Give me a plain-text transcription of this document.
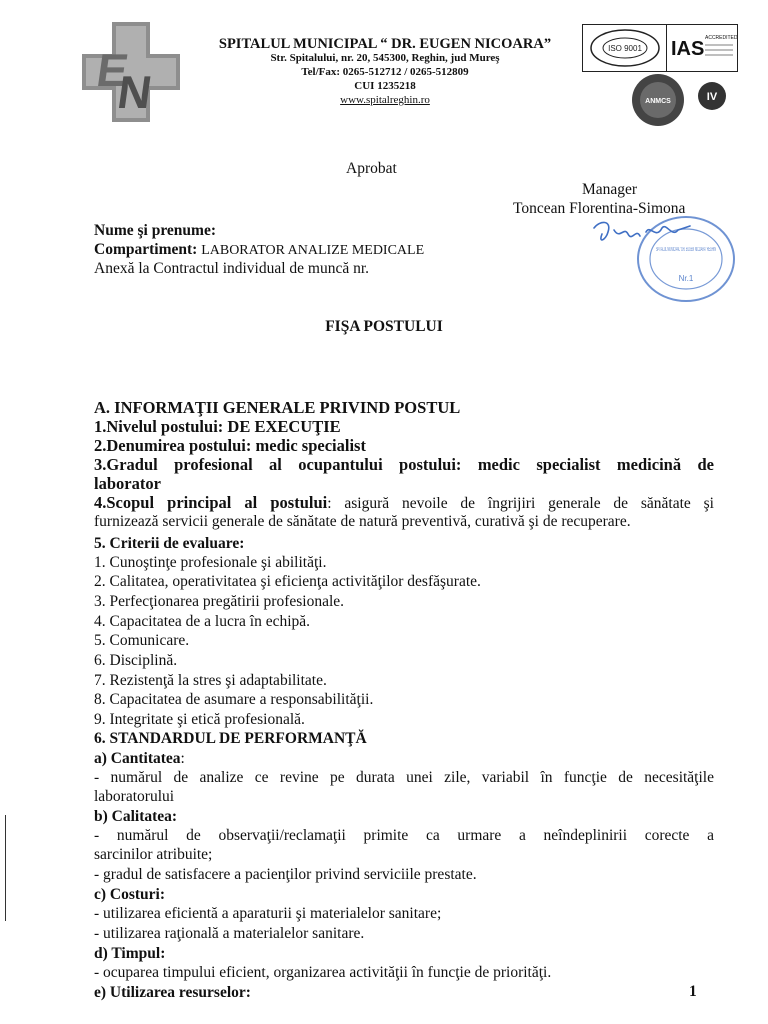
E
N
SPITALUL MUNICIPAL “ DR. EUGEN NICOARA”
Str. Spitalului, nr. 20, 545300, Reghin, jud Mureş
Tel/Fax: 0265-512712 / 0265-512809
CUI 1235218
www.spitalreghin.ro
ISO 9001 IAS ACCREDITED
ANMCS	IV
Aprobat
Manager
Toncean Florentina-Simona
SPITALUL MUNICIPAL “DR. EUGEN NICOARA” REGHIN
Nr.1
Nume şi prenume:
Compartiment: LABORATOR ANALIZE MEDICALE
Anexă la Contractul individual de muncă nr.
FIŞA POSTULUI
A. INFORMAŢII GENERALE PRIVIND POSTUL
1.Nivelul postului: DE EXECUŢIE
2.Denumirea postului: medic specialist
3.Gradul profesional al ocupantului postului: medic specialist medicină de
laborator
4.Scopul principal al postului: asigură nevoile de îngrijiri generale de sănătate şi
furnizează servicii generale de sănătate de natură preventivă, curativă şi de recuperare.
5. Criterii de evaluare:
1. Cunoştinţe profesionale şi abilităţi.
2. Calitatea, operativitatea şi eficienţa activităţilor desfăşurate.
3. Perfecţionarea pregătirii profesionale.
4. Capacitatea de a lucra în echipă.
5. Comunicare.
6. Disciplină.
7. Rezistenţă la stres şi adaptabilitate.
8. Capacitatea de asumare a responsabilităţii.
9. Integritate şi etică profesională.
6. STANDARDUL DE PERFORMANŢĂ
a) Cantitatea:
- numărul de analize ce revine pe durata unei zile, variabil în funcţie de necesităţile
laboratorului
b) Calitatea:
- numărul de observaţii/reclamaţii primite ca urmare a neîndeplinirii corecte a
sarcinilor atribuite;
- gradul de satisfacere a pacienţilor privind serviciile prestate.
c) Costuri:
- utilizarea eficientă a aparaturii şi materialelor sanitare;
- utilizarea raţională a materialelor sanitare.
d) Timpul:
- ocuparea timpului eficient, organizarea activităţii în funcţie de priorităţi.
e) Utilizarea resurselor:	1
